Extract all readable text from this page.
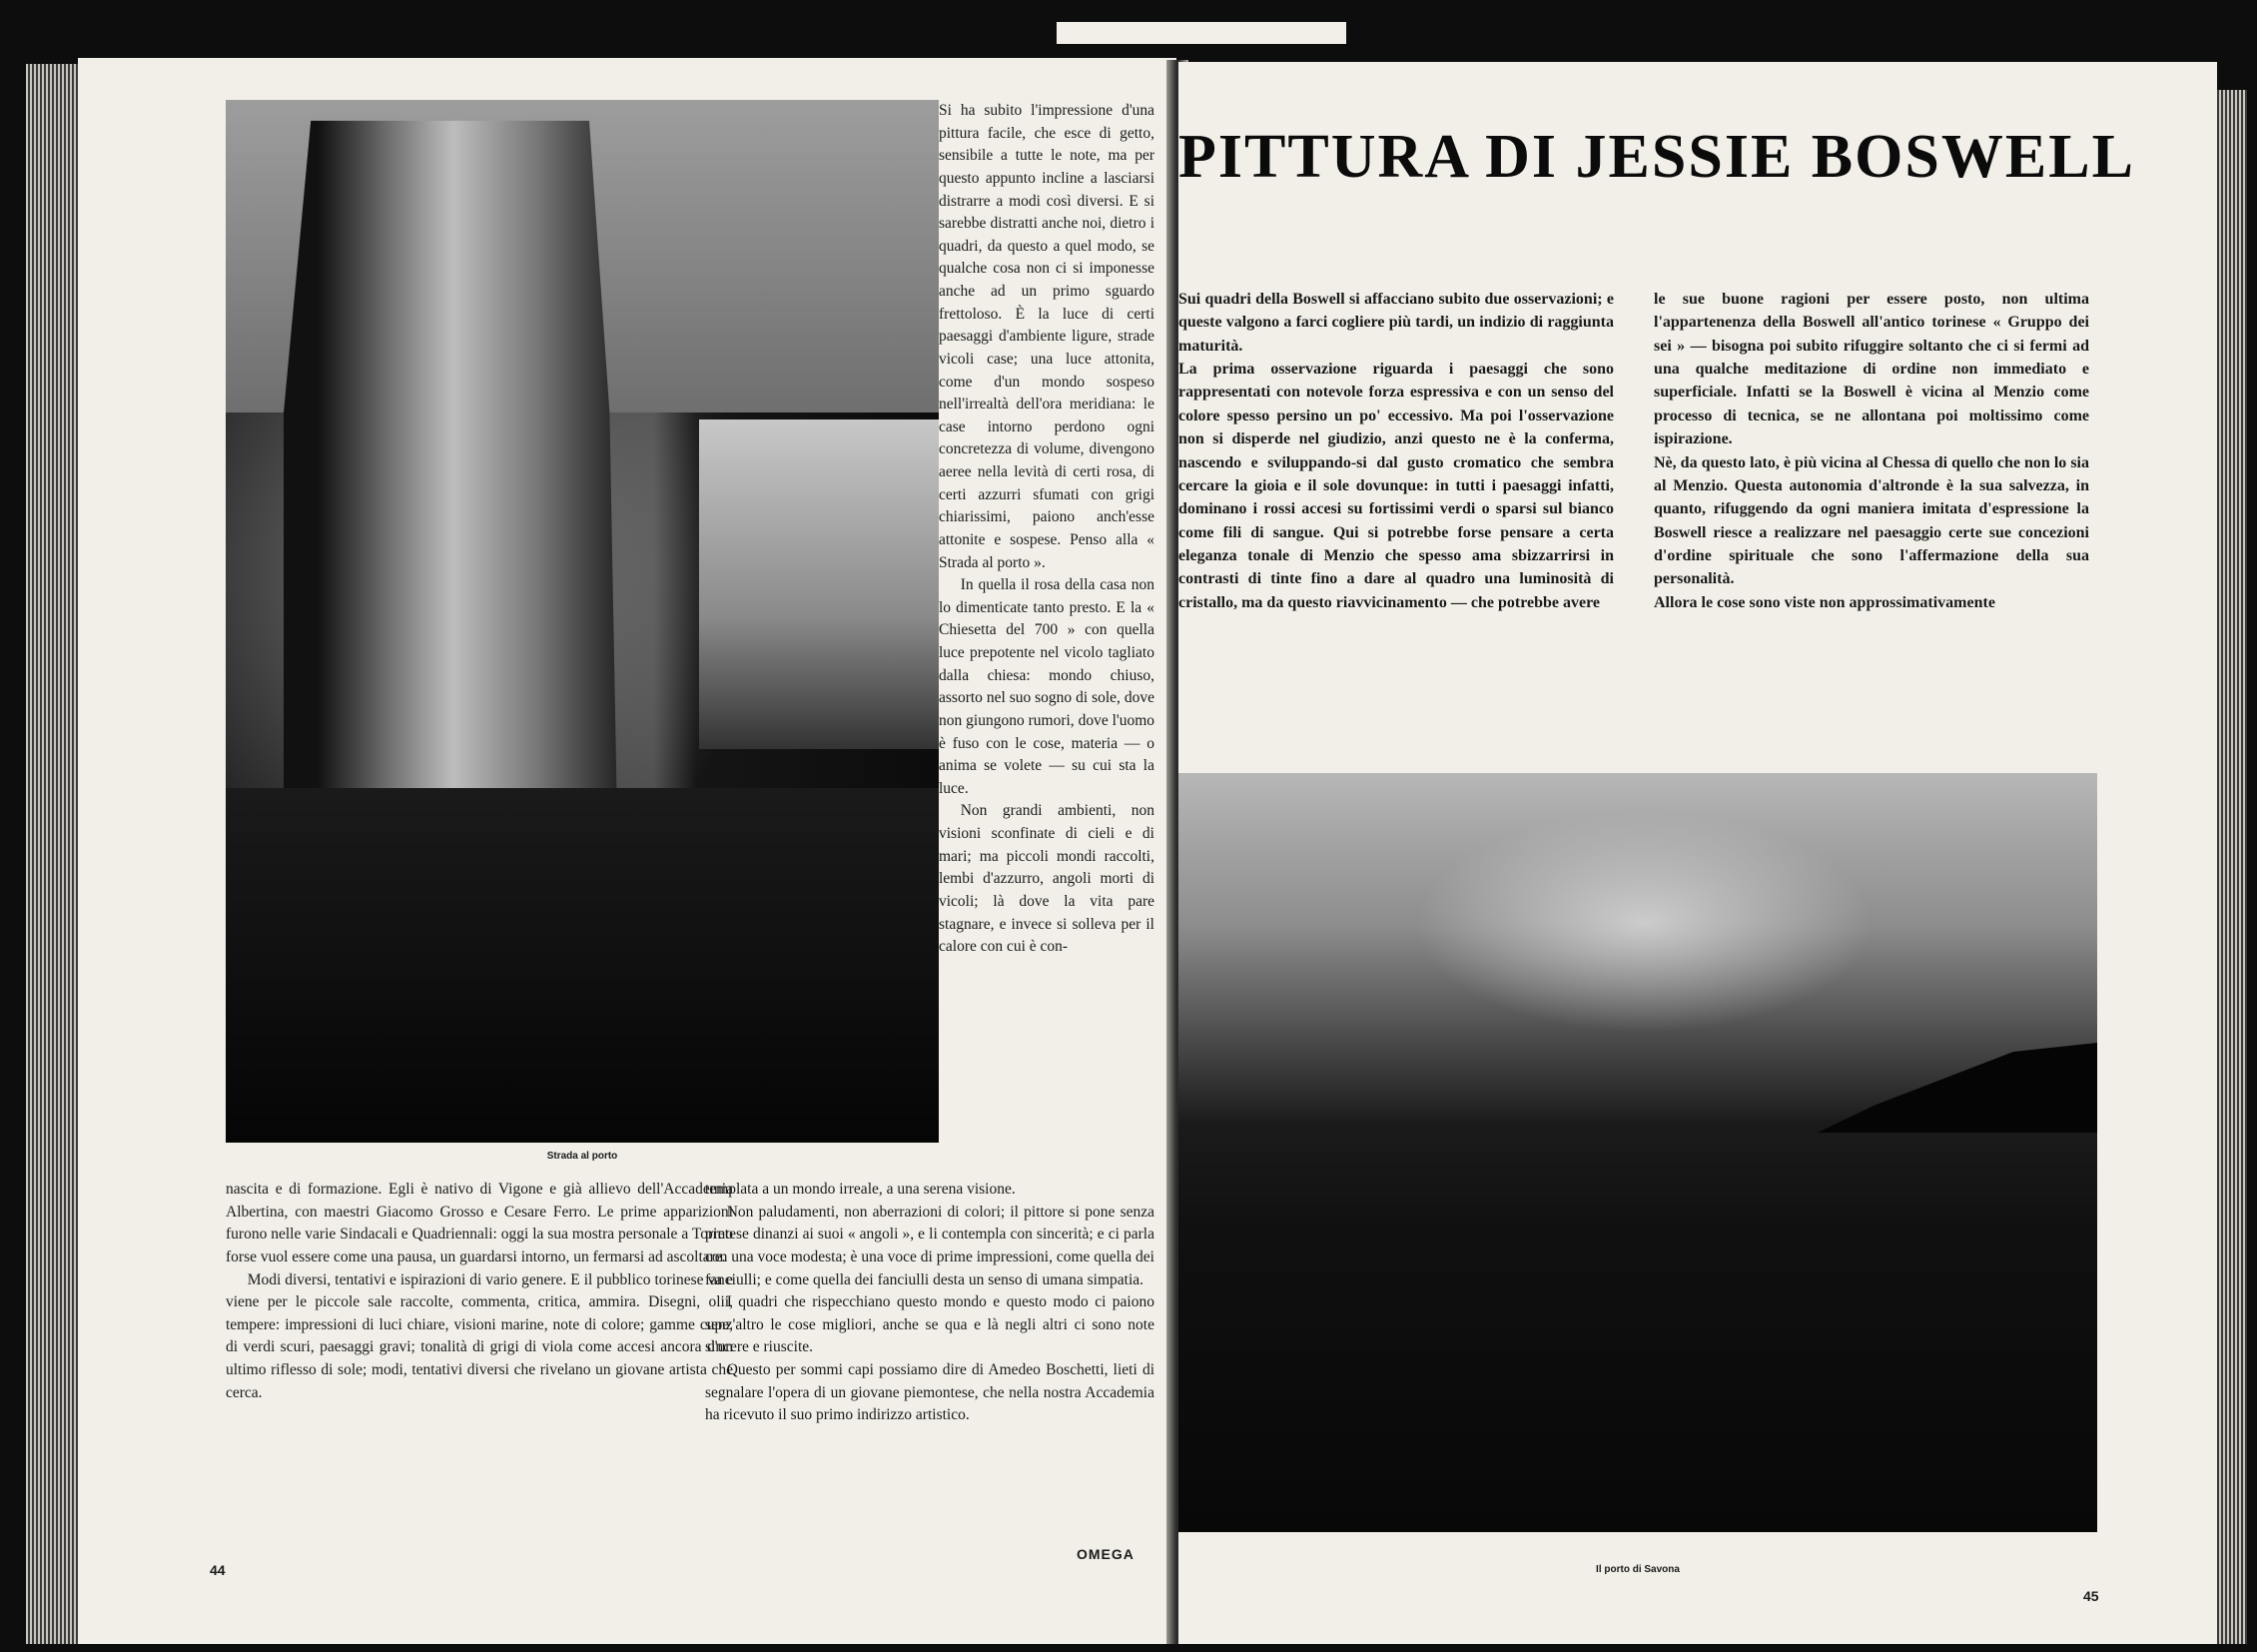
Strada al porto

Si ha subito l'impressione d'una pittura facile, che esce di getto, sensibile a tutte le note, ma per questo appunto incline a lasciarsi distrarre a modi così diversi. E si sarebbe distratti anche noi, dietro i quadri, da questo a quel modo, se qualche cosa non ci si imponesse anche ad un primo sguardo frettoloso. È la luce di certi paesaggi d'ambiente ligure, strade vicoli case; una luce attonita, come d'un mondo sospeso nell'irrealtà dell'ora meridiana: le case intorno perdono ogni concretezza di volume, divengono aeree nella levità di certi rosa, di certi azzurri sfumati con grigi chiarissimi, paiono anch'esse attonite e sospese. Penso alla « Strada al porto ».

In quella il rosa della casa non lo dimenticate tanto presto. E la « Chiesetta del 700 » con quella luce prepotente nel vicolo tagliato dalla chiesa: mondo chiuso, assorto nel suo sogno di sole, dove non giungono rumori, dove l'uomo è fuso con le cose, materia — o anima se volete — su cui sta la luce.

Non grandi ambienti, non visioni sconfinate di cieli e di mari; ma piccoli mondi raccolti, lembi d'azzurro, angoli morti di vicoli; là dove la vita pare stagnare, e invece si solleva per il calore con cui è con-

nascita e di formazione. Egli è nativo di Vigone e già allievo dell'Accademia Albertina, con maestri Giacomo Grosso e Cesare Ferro. Le prime apparizioni furono nelle varie Sindacali e Quadriennali: oggi la sua mostra personale a Torino forse vuol essere come una pausa, un guardarsi intorno, un fermarsi ad ascoltare.

Modi diversi, tentativi e ispirazioni di vario genere. E il pubblico torinese va e viene per le piccole sale raccolte, commenta, critica, ammira. Disegni, olii, tempere: impressioni di luci chiare, visioni marine, note di colore; gamme cupe, di verdi scuri, paesaggi gravi; tonalità di grigi di viola come accesi ancora d'un ultimo riflesso di sole; modi, tentativi diversi che rivelano un giovane artista che cerca.

templata a un mondo irreale, a una serena visione.

Non paludamenti, non aberrazioni di colori; il pittore si pone senza pretese dinanzi ai suoi « angoli », e li contempla con sincerità; e ci parla con una voce modesta; è una voce di prime impressioni, come quella dei fanciulli; e come quella dei fanciulli desta un senso di umana simpatia.

I quadri che rispecchiano questo mondo e questo modo ci paiono senz'altro le cose migliori, anche se qua e là negli altri ci sono note sincere e riuscite.

Questo per sommi capi possiamo dire di Amedeo Boschetti, lieti di segnalare l'opera di un giovane piemontese, che nella nostra Accademia ha ricevuto il suo primo indirizzo artistico.

44
OMEGA
PITTURA DI JESSIE BOSWELL

Sui quadri della Boswell si affacciano subito due osservazioni; e queste valgono a farci cogliere più tardi, un indizio di raggiunta maturità.

La prima osservazione riguarda i paesaggi che sono rappresentati con notevole forza espressiva e con un senso del colore spesso persino un po' eccessivo. Ma poi l'osservazione non si disperde nel giudizio, anzi questo ne è la conferma, nascendo e sviluppando-si dal gusto cromatico che sembra cercare la gioia e il sole dovunque: in tutti i paesaggi infatti, dominano i rossi accesi su fortissimi verdi o sparsi sul bianco come fili di sangue. Qui si potrebbe forse pensare a certa eleganza tonale di Menzio che spesso ama sbizzarrirsi in contrasti di tinte fino a dare al quadro una luminosità di cristallo, ma da questo riavvicinamento — che potrebbe avere

le sue buone ragioni per essere posto, non ultima l'appartenenza della Boswell all'antico torinese « Gruppo dei sei » — bisogna poi subito rifuggire soltanto che ci si fermi ad una qualche meditazione di ordine non immediato e superficiale. Infatti se la Boswell è vicina al Menzio come processo di tecnica, se ne allontana poi moltissimo come ispirazione.

Nè, da questo lato, è più vicina al Chessa di quello che non lo sia al Menzio. Questa autonomia d'altronde è la sua salvezza, in quanto, rifuggendo da ogni maniera imitata d'espressione la Boswell riesce a realizzare nel paesaggio certe sue concezioni d'ordine spirituale che sono l'affermazione della sua personalità.

Allora le cose sono viste non approssimativamente

Il porto di Savona
45
